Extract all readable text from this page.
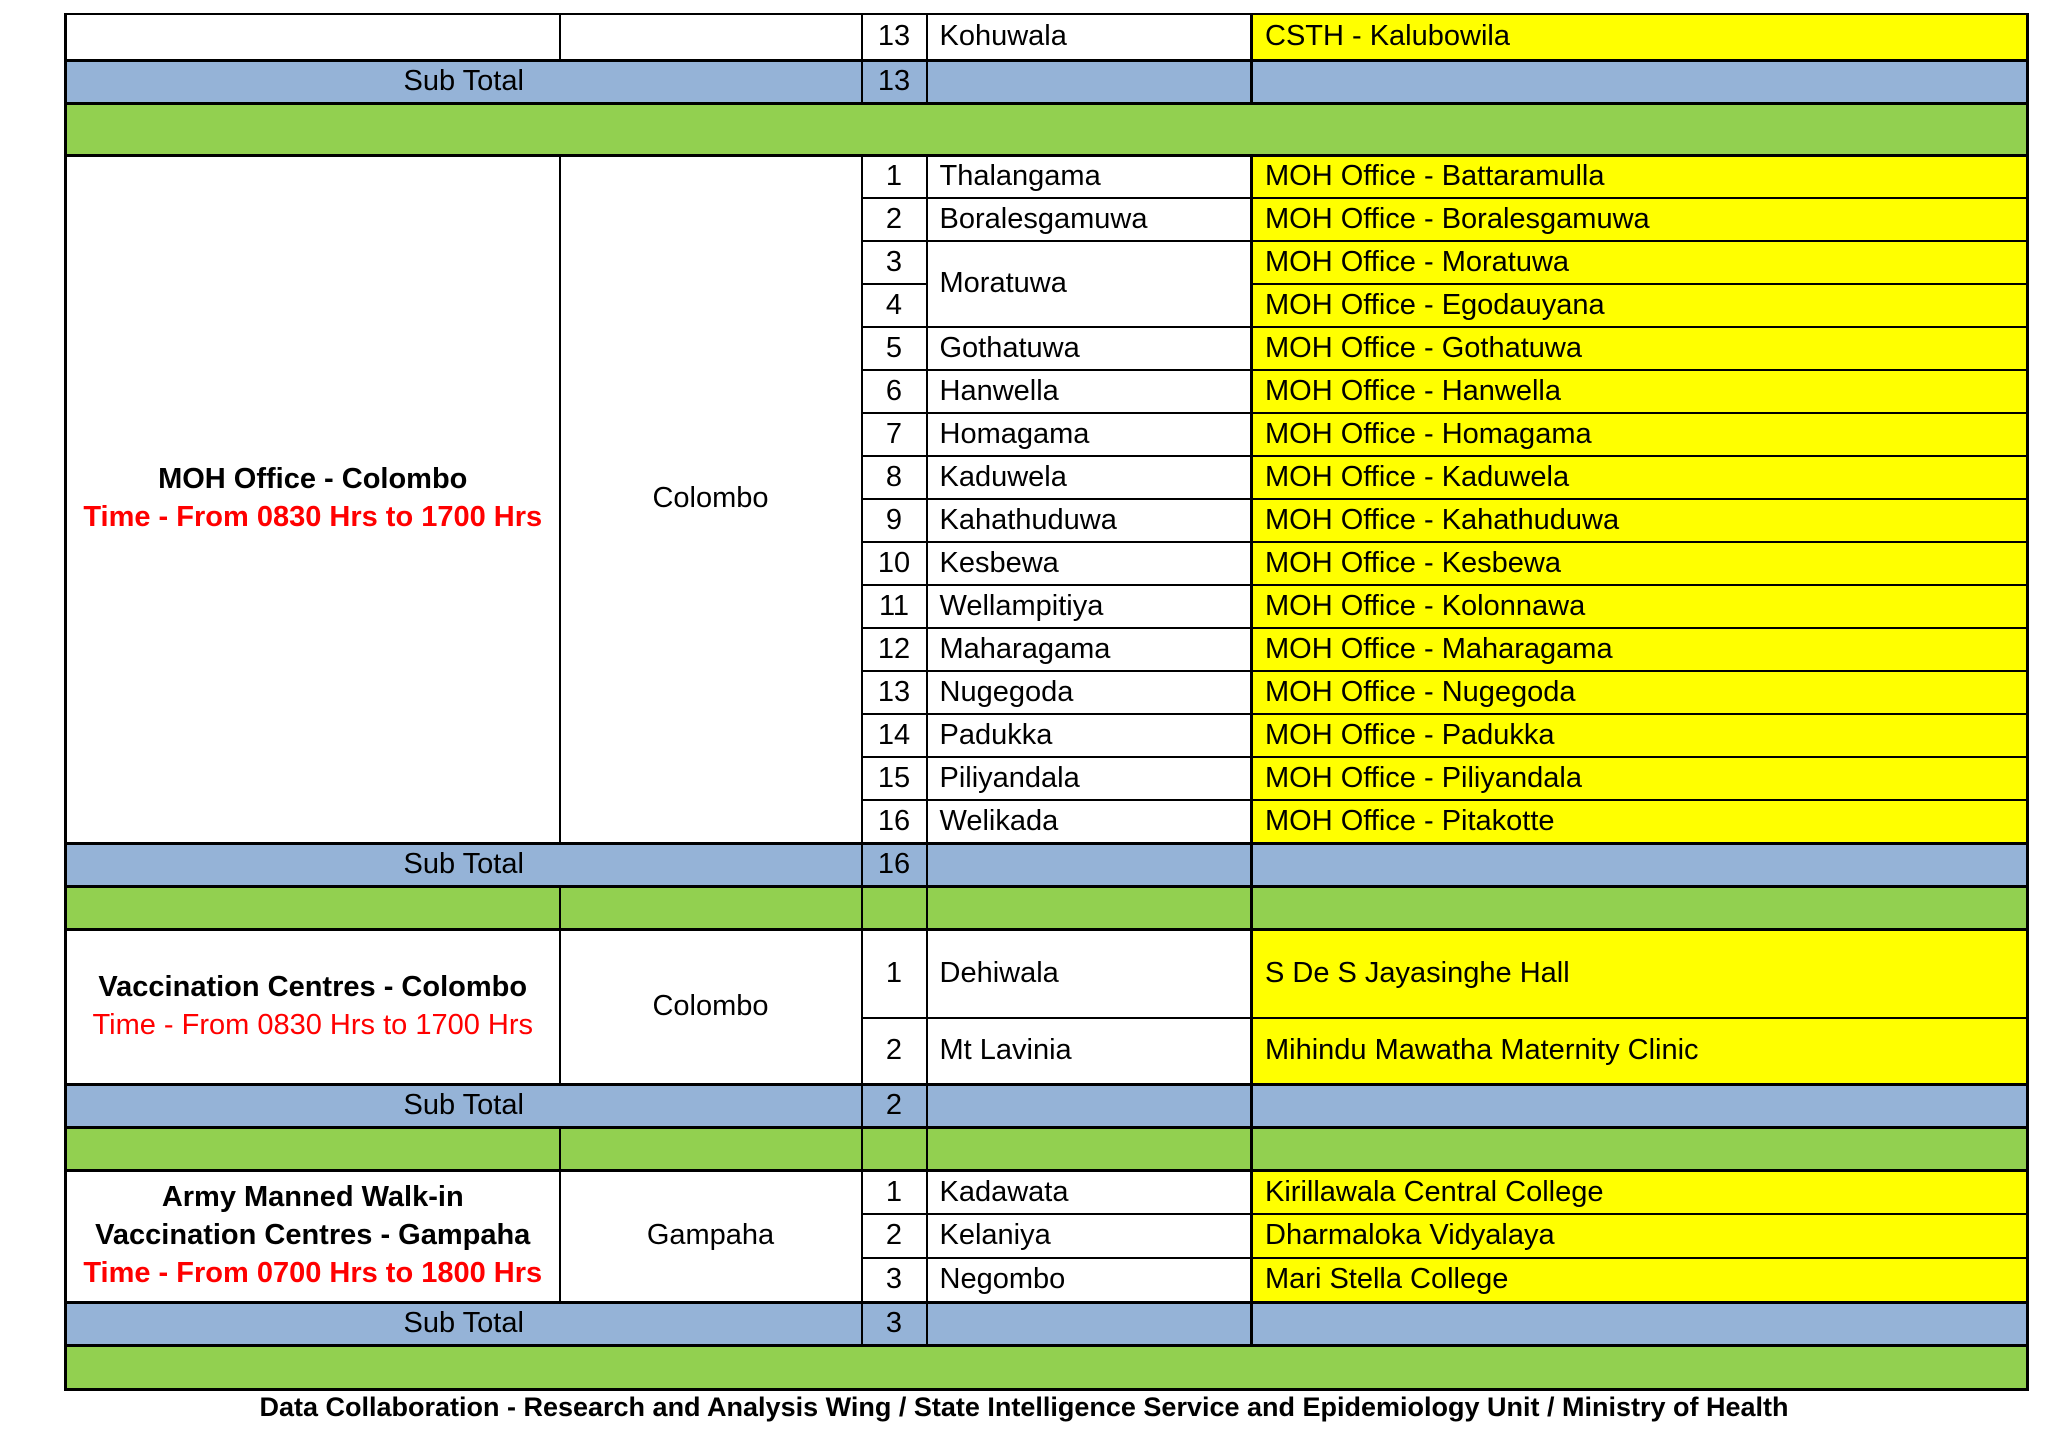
		13	Kohuwala	CSTH - Kalubowila
Sub Total		13		

MOH Office - Colombo
Time - From 0830 Hrs to 1700 Hrs	Colombo	1	Thalangama	MOH Office - Battaramulla
		2	Boralesgamuwa	MOH Office - Boralesgamuwa
		3	Moratuwa	MOH Office - Moratuwa
		4		MOH Office - Egodauyana
		5	Gothatuwa	MOH Office - Gothatuwa
		6	Hanwella	MOH Office - Hanwella
		7	Homagama	MOH Office - Homagama
		8	Kaduwela	MOH Office - Kaduwela
		9	Kahathuduwa	MOH Office - Kahathuduwa
		10	Kesbewa	MOH Office - Kesbewa
		11	Wellampitiya	MOH Office - Kolonnawa
		12	Maharagama	MOH Office - Maharagama
		13	Nugegoda	MOH Office - Nugegoda
		14	Padukka	MOH Office - Padukka
		15	Piliyandala	MOH Office - Piliyandala
		16	Welikada	MOH Office - Pitakotte
Sub Total		16		

Vaccination Centres - Colombo
Time - From 0830 Hrs to 1700 Hrs	Colombo	1	Dehiwala	S De S Jayasinghe Hall
		2	Mt Lavinia	Mihindu Mawatha Maternity Clinic
Sub Total		2		

Army Manned Walk-in
Vaccination Centres - Gampaha
Time - From 0700 Hrs to 1800 Hrs	Gampaha	1	Kadawata	Kirillawala Central College
		2	Kelaniya	Dharmaloka Vidyalaya
		3	Negombo	Mari Stella College
Sub Total		3		

Data Collaboration - Research and Analysis Wing / State Intelligence Service and Epidemiology Unit / Ministry of Health
